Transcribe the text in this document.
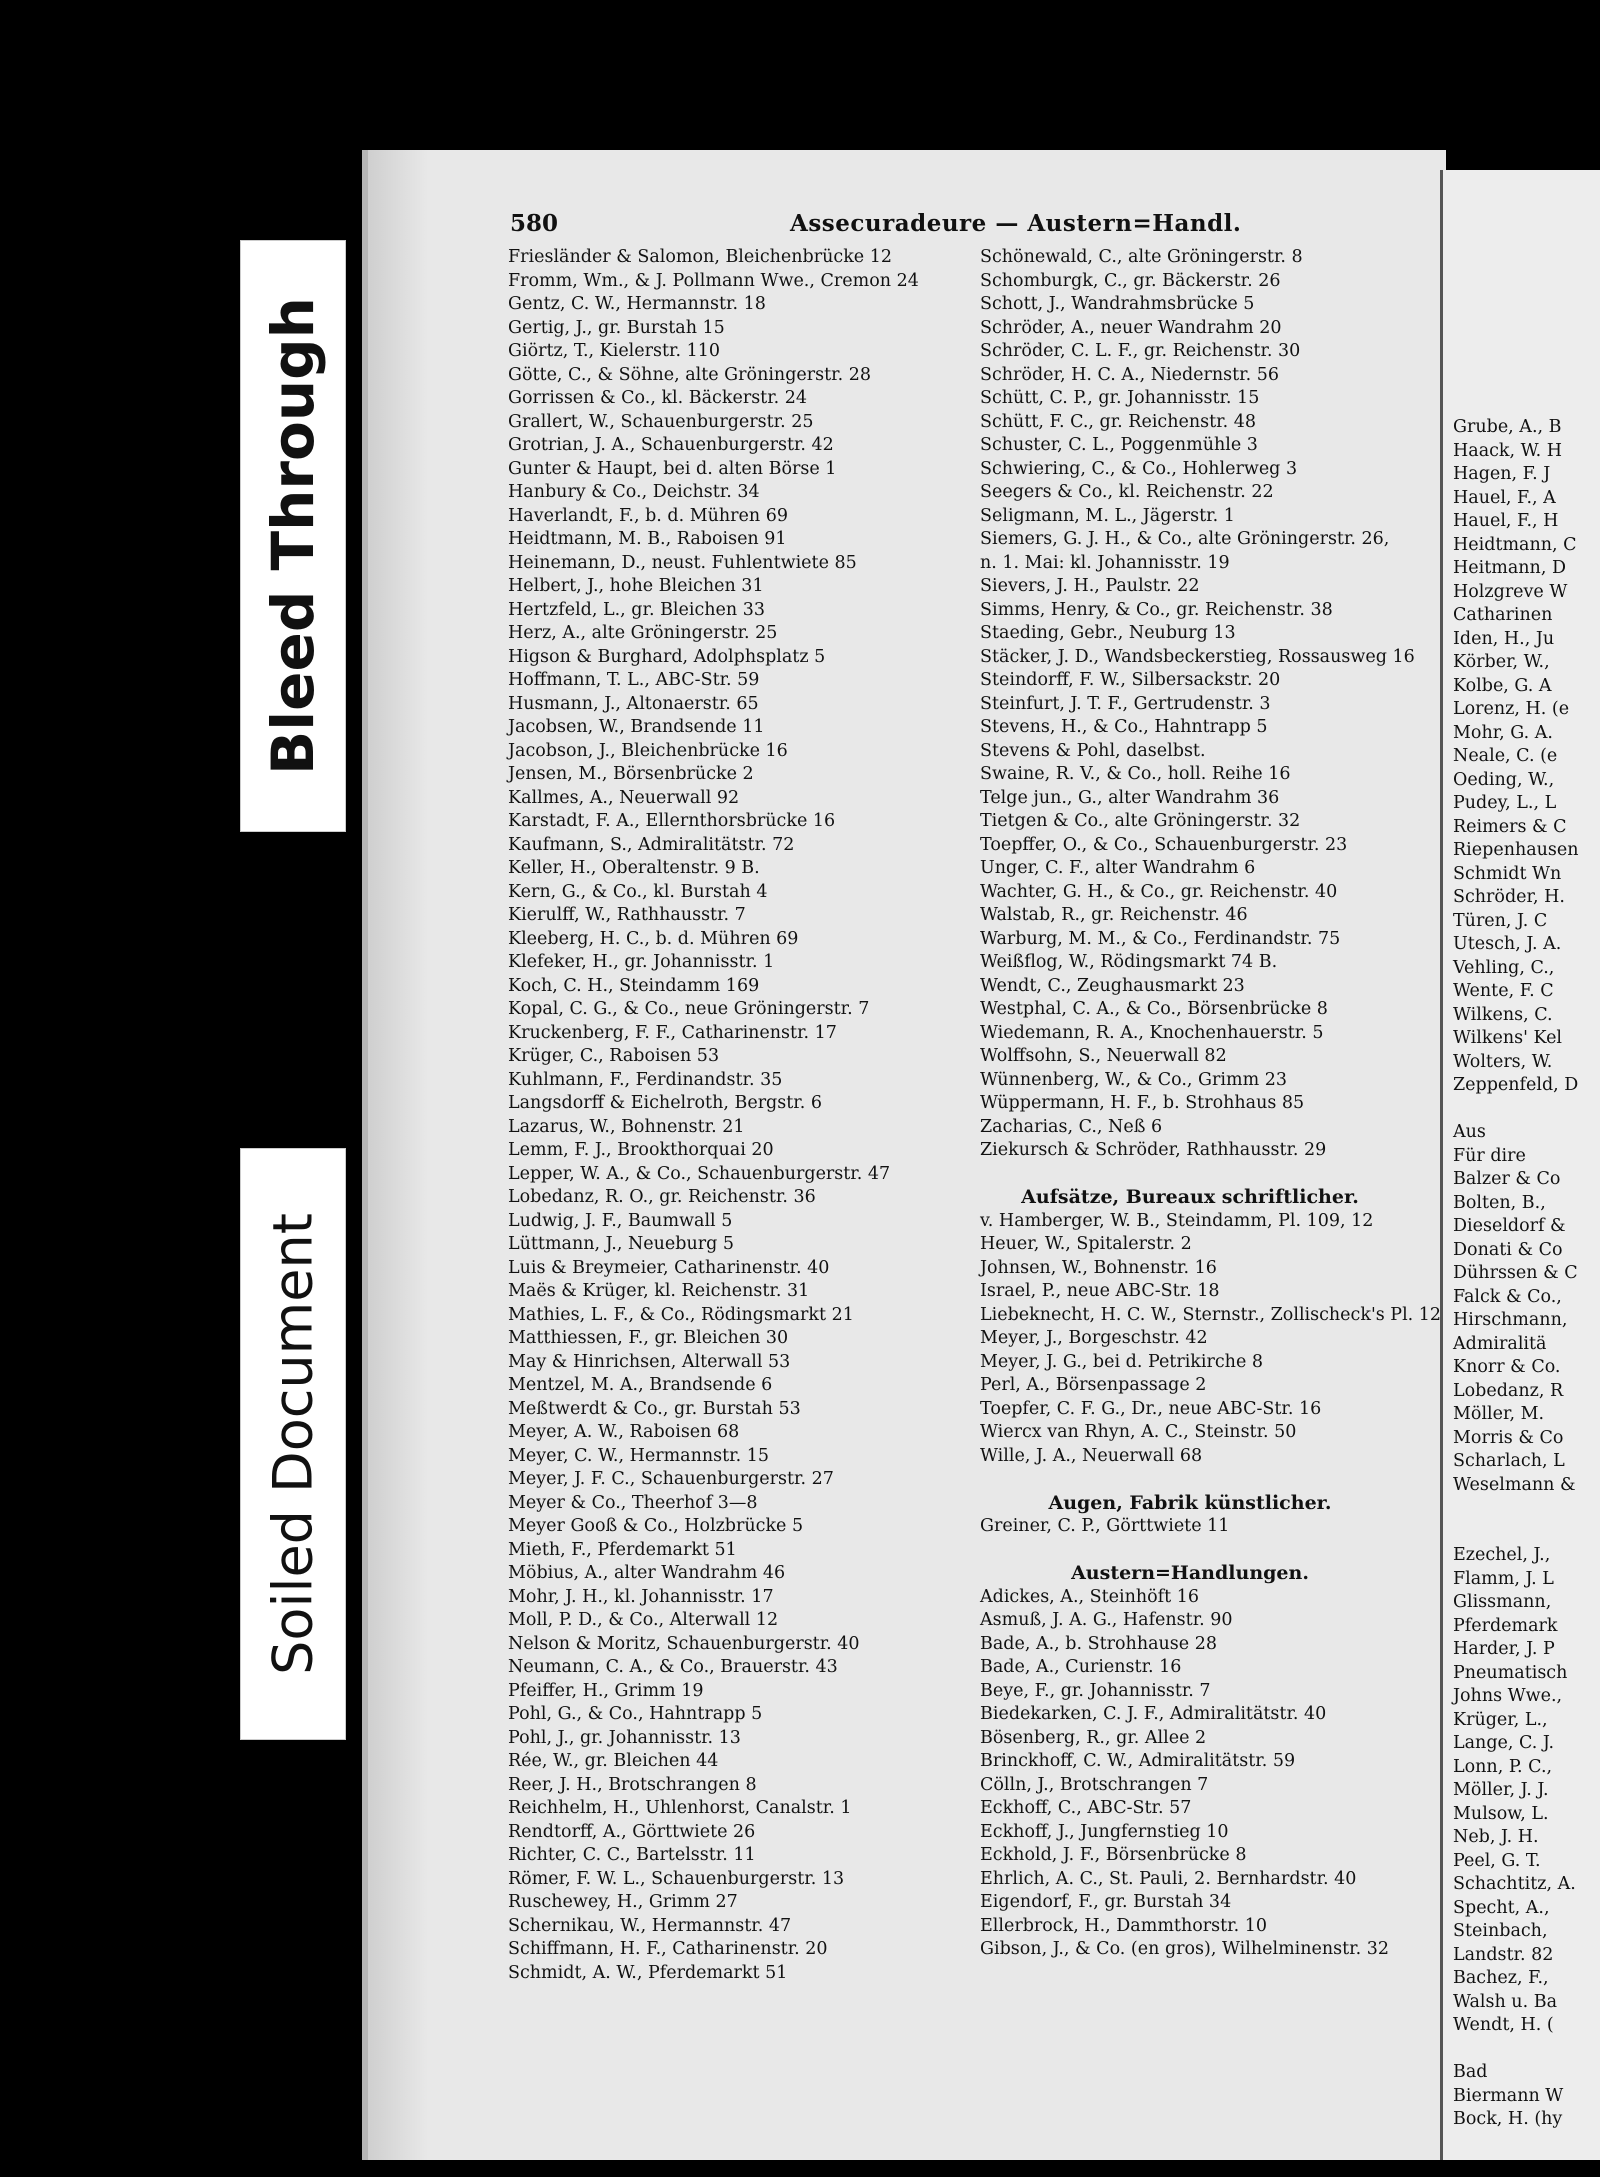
Grube, A., B
Haack, W. H
Hagen, F. J
Hauel, F., A
Hauel, F., H
Heidtmann, C
Heitmann, D
Holzgreve W
Catharinen
Iden, H., Ju
Körber, W.,
Kolbe, G. A
Lorenz, H. (e
Mohr, G. A.
Neale, C. (e
Oeding, W.,
Pudey, L., L
Reimers & C
Riepenhausen
Schmidt Wn
Schröder, H.
Türen, J. C
Utesch, J. A.
Vehling, C.,
Wente, F. C
Wilkens, C.
Wilkens' Kel
Wolters, W.
Zeppenfeld, D

Aus
Für dire
Balzer & Co
Bolten, B.,
Dieseldorf &
Donati & Co
Dührssen & C
Falck & Co.,
Hirschmann,
Admiralitä
Knorr & Co.
Lobedanz, R
Möller, M.
Morris & Co
Scharlach, L
Weselmann &

Ezechel, J.,
Flamm, J. L
Glissmann,
Pferdemark
Harder, J. P
Pneumatisch
Johns Wwe.,
Krüger, L.,
Lange, C. J.
Lonn, P. C.,
Möller, J. J.
Mulsow, L.
Neb, J. H.
Peel, G. T.
Schachtitz, A.
Specht, A.,
Steinbach,
Landstr. 82
Bachez, F.,
Walsh u. Ba
Wendt, H. (

Bad
Biermann W
Bock, H. (hy
Bleed Through
Soiled Document
580	Assecuradeure — Austern=Handl.
Friesländer & Salomon, Bleichenbrücke 12
Fromm, Wm., & J. Pollmann Wwe., Cremon 24
Gentz, C. W., Hermannstr. 18
Gertig, J., gr. Burstah 15
Giörtz, T., Kielerstr. 110
Götte, C., & Söhne, alte Gröningerstr. 28
Gorrissen & Co., kl. Bäckerstr. 24
Grallert, W., Schauenburgerstr. 25
Grotrian, J. A., Schauenburgerstr. 42
Gunter & Haupt, bei d. alten Börse 1
Hanbury & Co., Deichstr. 34
Haverlandt, F., b. d. Mühren 69
Heidtmann, M. B., Raboisen 91
Heinemann, D., neust. Fuhlentwiete 85
Helbert, J., hohe Bleichen 31
Hertzfeld, L., gr. Bleichen 33
Herz, A., alte Gröningerstr. 25
Higson & Burghard, Adolphsplatz 5
Hoffmann, T. L., ABC-Str. 59
Husmann, J., Altonaerstr. 65
Jacobsen, W., Brandsende 11
Jacobson, J., Bleichenbrücke 16
Jensen, M., Börsenbrücke 2
Kallmes, A., Neuerwall 92
Karstadt, F. A., Ellernthorsbrücke 16
Kaufmann, S., Admiralitätstr. 72
Keller, H., Oberaltenstr. 9 B.
Kern, G., & Co., kl. Burstah 4
Kierulff, W., Rathhausstr. 7
Kleeberg, H. C., b. d. Mühren 69
Klefeker, H., gr. Johannisstr. 1
Koch, C. H., Steindamm 169
Kopal, C. G., & Co., neue Gröningerstr. 7
Kruckenberg, F. F., Catharinenstr. 17
Krüger, C., Raboisen 53
Kuhlmann, F., Ferdinandstr. 35
Langsdorff & Eichelroth, Bergstr. 6
Lazarus, W., Bohnenstr. 21
Lemm, F. J., Brookthorquai 20
Lepper, W. A., & Co., Schauenburgerstr. 47
Lobedanz, R. O., gr. Reichenstr. 36
Ludwig, J. F., Baumwall 5
Lüttmann, J., Neueburg 5
Luis & Breymeier, Catharinenstr. 40
Maës & Krüger, kl. Reichenstr. 31
Mathies, L. F., & Co., Rödingsmarkt 21
Matthiessen, F., gr. Bleichen 30
May & Hinrichsen, Alterwall 53
Mentzel, M. A., Brandsende 6
Meßtwerdt & Co., gr. Burstah 53
Meyer, A. W., Raboisen 68
Meyer, C. W., Hermannstr. 15
Meyer, J. F. C., Schauenburgerstr. 27
Meyer & Co., Theerhof 3—8
Meyer Gooß & Co., Holzbrücke 5
Mieth, F., Pferdemarkt 51
Möbius, A., alter Wandrahm 46
Mohr, J. H., kl. Johannisstr. 17
Moll, P. D., & Co., Alterwall 12
Nelson & Moritz, Schauenburgerstr. 40
Neumann, C. A., & Co., Brauerstr. 43
Pfeiffer, H., Grimm 19
Pohl, G., & Co., Hahntrapp 5
Pohl, J., gr. Johannisstr. 13
Rée, W., gr. Bleichen 44
Reer, J. H., Brotschrangen 8
Reichhelm, H., Uhlenhorst, Canalstr. 1
Rendtorff, A., Görttwiete 26
Richter, C. C., Bartelsstr. 11
Römer, F. W. L., Schauenburgerstr. 13
Ruschewey, H., Grimm 27
Schernikau, W., Hermannstr. 47
Schiffmann, H. F., Catharinenstr. 20
Schmidt, A. W., Pferdemarkt 51
Schönewald, C., alte Gröningerstr. 8
Schomburgk, C., gr. Bäckerstr. 26
Schott, J., Wandrahmsbrücke 5
Schröder, A., neuer Wandrahm 20
Schröder, C. L. F., gr. Reichenstr. 30
Schröder, H. C. A., Niedernstr. 56
Schütt, C. P., gr. Johannisstr. 15
Schütt, F. C., gr. Reichenstr. 48
Schuster, C. L., Poggenmühle 3
Schwiering, C., & Co., Hohlerweg 3
Seegers & Co., kl. Reichenstr. 22
Seligmann, M. L., Jägerstr. 1
Siemers, G. J. H., & Co., alte Gröningerstr. 26,
n. 1. Mai: kl. Johannisstr. 19
Sievers, J. H., Paulstr. 22
Simms, Henry, & Co., gr. Reichenstr. 38
Staeding, Gebr., Neuburg 13
Stäcker, J. D., Wandsbeckerstieg, Rossausweg 16
Steindorff, F. W., Silbersackstr. 20
Steinfurt, J. T. F., Gertrudenstr. 3
Stevens, H., & Co., Hahntrapp 5
Stevens & Pohl, daselbst.
Swaine, R. V., & Co., holl. Reihe 16
Telge jun., G., alter Wandrahm 36
Tietgen & Co., alte Gröningerstr. 32
Toepffer, O., & Co., Schauenburgerstr. 23
Unger, C. F., alter Wandrahm 6
Wachter, G. H., & Co., gr. Reichenstr. 40
Walstab, R., gr. Reichenstr. 46
Warburg, M. M., & Co., Ferdinandstr. 75
Weißflog, W., Rödingsmarkt 74 B.
Wendt, C., Zeughausmarkt 23
Westphal, C. A., & Co., Börsenbrücke 8
Wiedemann, R. A., Knochenhauerstr. 5
Wolffsohn, S., Neuerwall 82
Wünnenberg, W., & Co., Grimm 23
Wüppermann, H. F., b. Strohhaus 85
Zacharias, C., Neß 6
Ziekursch & Schröder, Rathhausstr. 29

Aufsätze, Bureaux schriftlicher.
v. Hamberger, W. B., Steindamm, Pl. 109, 12
Heuer, W., Spitalerstr. 2
Johnsen, W., Bohnenstr. 16
Israel, P., neue ABC-Str. 18
Liebeknecht, H. C. W., Sternstr., Zollischeck's Pl. 12
Meyer, J., Borgeschstr. 42
Meyer, J. G., bei d. Petrikirche 8
Perl, A., Börsenpassage 2
Toepfer, C. F. G., Dr., neue ABC-Str. 16
Wiercx van Rhyn, A. C., Steinstr. 50
Wille, J. A., Neuerwall 68

Augen, Fabrik künstlicher.
Greiner, C. P., Görttwiete 11

Austern=Handlungen.
Adickes, A., Steinhöft 16
Asmuß, J. A. G., Hafenstr. 90
Bade, A., b. Strohhause 28
Bade, A., Curienstr. 16
Beye, F., gr. Johannisstr. 7
Biedekarken, C. J. F., Admiralitätstr. 40
Bösenberg, R., gr. Allee 2
Brinckhoff, C. W., Admiralitätstr. 59
Cölln, J., Brotschrangen 7
Eckhoff, C., ABC-Str. 57
Eckhoff, J., Jungfernstieg 10
Eckhold, J. F., Börsenbrücke 8
Ehrlich, A. C., St. Pauli, 2. Bernhardstr. 40
Eigendorf, F., gr. Burstah 34
Ellerbrock, H., Dammthorstr. 10
Gibson, J., & Co. (en gros), Wilhelminenstr. 32
